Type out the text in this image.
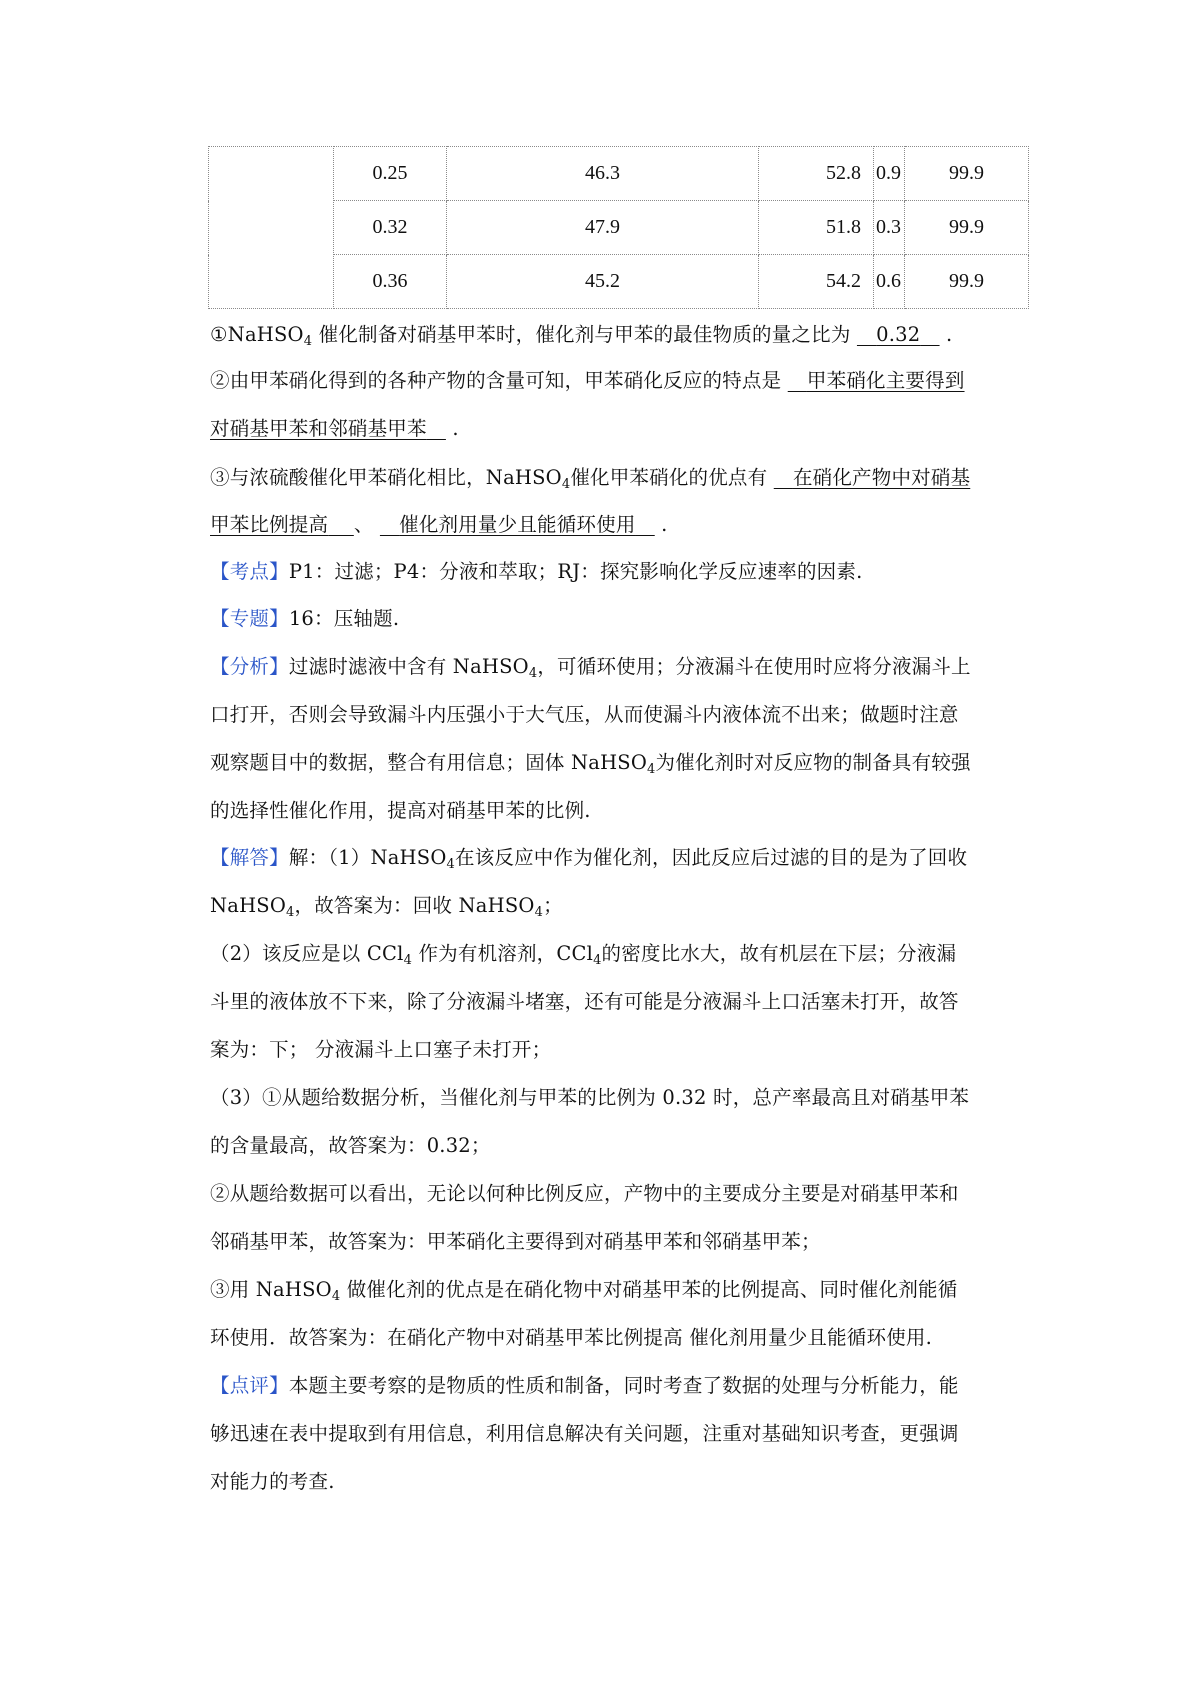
	0.25	46.3	52.8	0.9	99.9
	0.32	47.9	51.8	0.3	99.9
	0.36	45.2	54.2	0.6	99.9
①NaHSO$_4$ 催化制备对硝基甲苯时，催化剂与甲苯的最佳物质的量之比为 0.32 .
②由甲苯硝化得到的各种产物的含量可知，甲苯硝化反应的特点是 甲苯硝化主要得到
对硝基甲苯和邻硝基甲苯 .
③与浓硫酸催化甲苯硝化相比，NaHSO$_4$催化甲苯硝化的优点有 在硝化产物中对硝基
甲苯比例提高 、 催化剂用量少且能循环使用 .
【考点】P1：过滤；P4：分液和萃取；RJ：探究影响化学反应速率的因素.
【专题】16：压轴题.
【分析】过滤时滤液中含有 NaHSO$_4$，可循环使用；分液漏斗在使用时应将分液漏斗上
口打开，否则会导致漏斗内压强小于大气压，从而使漏斗内液体流不出来；做题时注意
观察题目中的数据，整合有用信息；固体 NaHSO$_4$为催化剂时对反应物的制备具有较强
的选择性催化作用，提高对硝基甲苯的比例.
【解答】解：（1）NaHSO$_4$在该反应中作为催化剂，因此反应后过滤的目的是为了回收
NaHSO$_4$，故答案为：回收 NaHSO$_4$；
（2）该反应是以 CCl$_4$ 作为有机溶剂，CCl$_4$的密度比水大，故有机层在下层；分液漏
斗里的液体放不下来，除了分液漏斗堵塞，还有可能是分液漏斗上口活塞未打开，故答
案为：下； 分液漏斗上口塞子未打开；
（3）①从题给数据分析，当催化剂与甲苯的比例为 0.32 时，总产率最高且对硝基甲苯
的含量最高，故答案为：0.32；
②从题给数据可以看出，无论以何种比例反应，产物中的主要成分主要是对硝基甲苯和
邻硝基甲苯，故答案为：甲苯硝化主要得到对硝基甲苯和邻硝基甲苯；
③用 NaHSO$_4$ 做催化剂的优点是在硝化物中对硝基甲苯的比例提高、同时催化剂能循
环使用．故答案为：在硝化产物中对硝基甲苯比例提高 催化剂用量少且能循环使用.
【点评】本题主要考察的是物质的性质和制备，同时考查了数据的处理与分析能力，能
够迅速在表中提取到有用信息，利用信息解决有关问题，注重对基础知识考查，更强调
对能力的考查.
